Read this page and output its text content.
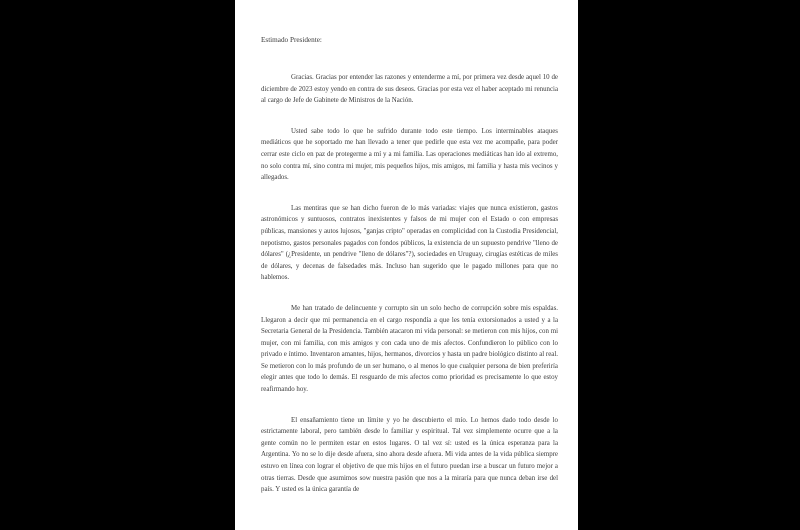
Estimado Presidente:

Gracias. Gracias por entender las razones y entenderme a mí, por primera vez desde aquel 10 de diciembre de 2023 estoy yendo en contra de sus deseos. Gracias por esta vez el haber aceptado mi renuncia al cargo de Jefe de Gabinete de Ministros de la Nación.

Usted sabe todo lo que he sufrido durante todo este tiempo. Los interminables ataques mediáticos que he soportado me han llevado a tener que pedirle que esta vez me acompañe, para poder cerrar este ciclo en paz de protegerme a mí y a mi familia. Las operaciones mediáticas han ido al extremo, no solo contra mí, sino contra mi mujer, mis pequeños hijos, mis amigos, mi familia y hasta mis vecinos y allegados.

Las mentiras que se han dicho fueron de lo más variadas: viajes que nunca existieron, gastos astronómicos y suntuosos, contratos inexistentes y falsos de mi mujer con el Estado o con empresas públicas, mansiones y autos lujosos, "ganjas cripto" operadas en complicidad con la Custodia Presidencial, nepotismo, gastos personales pagados con fondos públicos, la existencia de un supuesto pendrive "lleno de dólares" (¿Presidente, un pendrive "lleno de dólares"?), sociedades en Uruguay, cirugías estéticas de miles de dólares, y decenas de falsedades más. Incluso han sugerido que le pagado millones para que no hablemos.

Me han tratado de delincuente y corrupto sin un solo hecho de corrupción sobre mis espaldas. Llegaron a decir que mi permanencia en el cargo respondía a que les tenía extorsionados a usted y a la Secretaria General de la Presidencia. También atacaron mi vida personal: se metieron con mis hijos, con mi mujer, con mi familia, con mis amigos y con cada uno de mis afectos. Confundieron lo público con lo privado e íntimo. Inventaron amantes, hijos, hermanos, divorcios y hasta un padre biológico distinto al real. Se metieron con lo más profundo de un ser humano, o al menos lo que cualquier persona de bien preferiría elegir antes que todo lo demás. El resguardo de mis afectos como prioridad es precisamente lo que estoy reafirmando hoy.

El ensañamiento tiene un límite y yo he descubierto el mío. Lo hemos dado todo desde lo estrictamente laboral, pero también desde lo familiar y espiritual. Tal vez simplemente ocurre que a la gente común no le permiten estar en estos lugares. O tal vez sí: usted es la única esperanza para la Argentina. Yo no se lo dije desde afuera, sino ahora desde afuera. Mi vida antes de la vida pública siempre estuvo en línea con lograr el objetivo de que mis hijos en el futuro puedan irse a buscar un futuro mejor a otras tierras. Desde que asumimos sow nuestra pasión que nos a la miraría para que nunca deban irse del país. Y usted es la única garantía de
